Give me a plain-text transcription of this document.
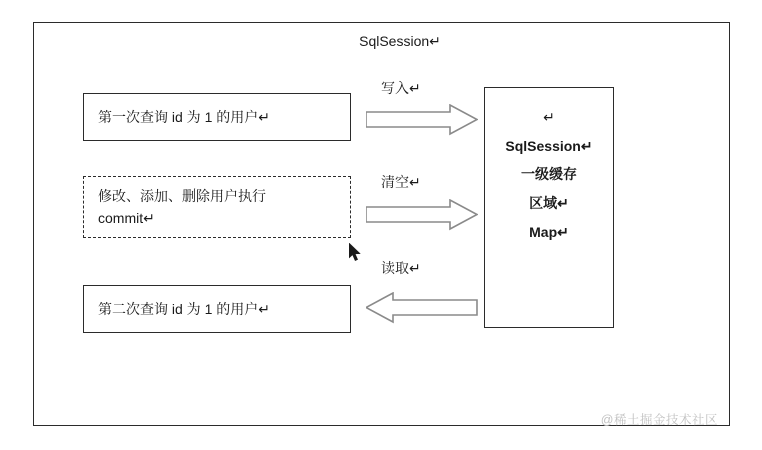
SqlSession↵
第一次查询 id 为 1 的用户↵
修改、添加、删除用户执行
commit↵
第二次查询 id 为 1 的用户↵
↵
SqlSession↵
一级缓存
区域↵
Map↵
写入↵
清空↵
读取↵
@稀土掘金技术社区
